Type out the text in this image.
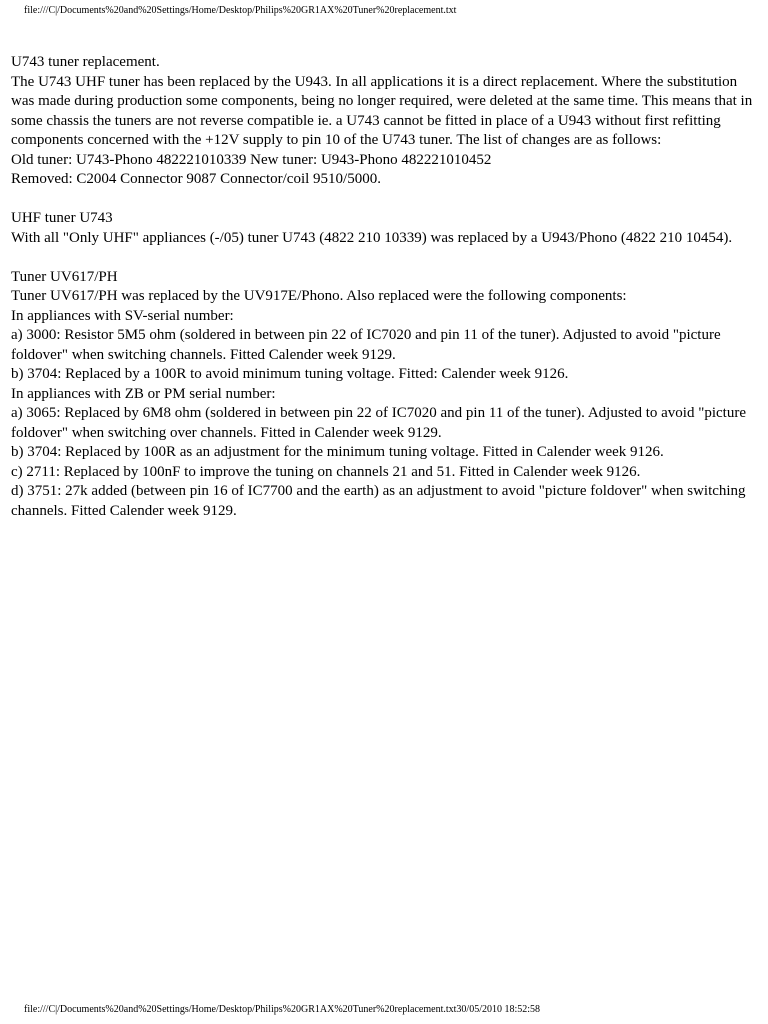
file:///C|/Documents%20and%20Settings/Home/Desktop/Philips%20GR1AX%20Tuner%20replacement.txt
U743 tuner replacement.
The U743 UHF tuner has been replaced by the U943. In all applications it is a direct replacement. Where the substitution was made during production some components, being no longer required, were deleted at the same time. This means that in some chassis the tuners are not reverse compatible ie. a U743 cannot be fitted in place of a U943 without first refitting components concerned with the +12V supply to pin 10 of the U743 tuner. The list of changes are as follows:
Old tuner: U743-Phono 482221010339 New tuner: U943-Phono 482221010452
Removed: C2004 Connector 9087 Connector/coil 9510/5000.
UHF tuner U743
With all "Only UHF" appliances (-/05) tuner U743 (4822 210 10339) was replaced by a U943/Phono (4822 210 10454).
Tuner UV617/PH
Tuner UV617/PH was replaced by the UV917E/Phono. Also replaced were the following components:
In appliances with SV-serial number:
a) 3000: Resistor 5M5 ohm (soldered in between pin 22 of IC7020 and pin 11 of the tuner). Adjusted to avoid "picture foldover" when switching channels. Fitted Calender week 9129.
b) 3704: Replaced by a 100R to avoid minimum tuning voltage. Fitted: Calender week 9126.
In appliances with ZB or PM serial number:
a) 3065: Replaced by 6M8 ohm (soldered in between pin 22 of IC7020 and pin 11 of the tuner). Adjusted to avoid "picture foldover" when switching over channels. Fitted in Calender week 9129.
b) 3704: Replaced by 100R as an adjustment for the minimum tuning voltage. Fitted in Calender week 9126.
c) 2711: Replaced by 100nF to improve the tuning on channels 21 and 51. Fitted in Calender week 9126.
d) 3751: 27k added (between pin 16 of IC7700 and the earth) as an adjustment to avoid "picture foldover" when switching channels. Fitted Calender week 9129.
file:///C|/Documents%20and%20Settings/Home/Desktop/Philips%20GR1AX%20Tuner%20replacement.txt30/05/2010 18:52:58
